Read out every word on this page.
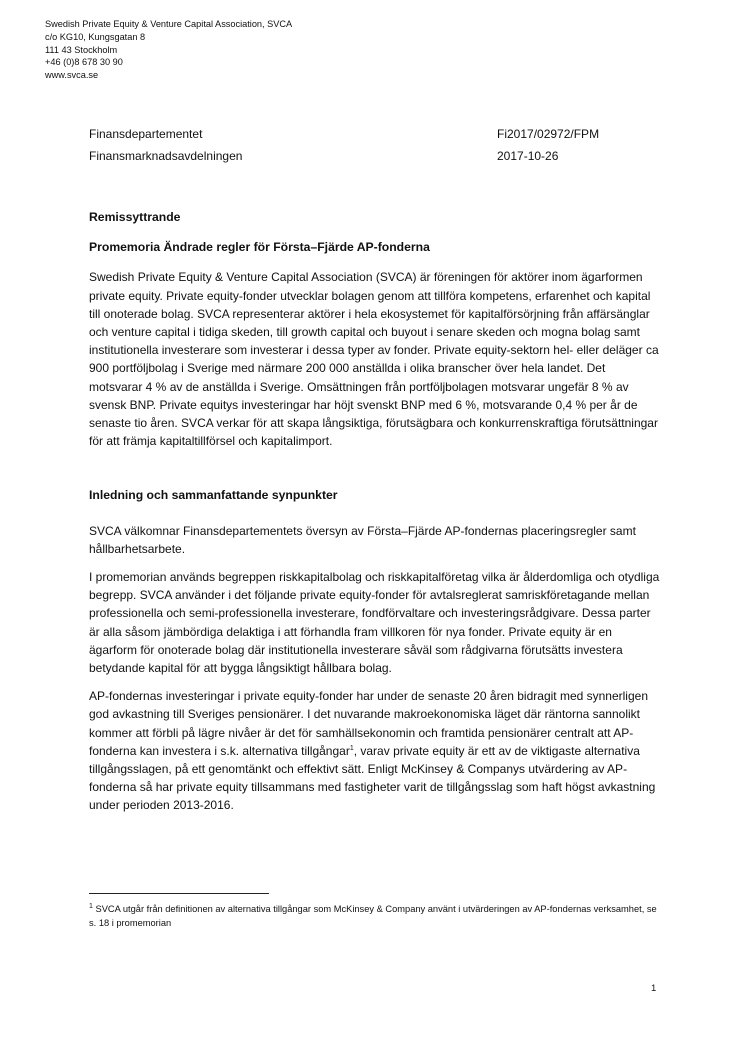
Swedish Private Equity & Venture Capital Association, SVCA
c/o KG10, Kungsgatan 8
111 43 Stockholm
+46 (0)8 678 30 90
www.svca.se
Finansdepartementet
Finansmarknadsavdelningen
Fi2017/02972/FPM
2017-10-26
Remissyttrande
Promemoria Ändrade regler för Första–Fjärde AP-fonderna

Swedish Private Equity & Venture Capital Association (SVCA) är föreningen för aktörer inom ägarformen private equity. Private equity-fonder utvecklar bolagen genom att tillföra kompetens, erfarenhet och kapital till onoterade bolag. SVCA representerar aktörer i hela ekosystemet för kapitalförsörjning från affärsänglar och venture capital i tidiga skeden, till growth capital och buyout i senare skeden och mogna bolag samt institutionella investerare som investerar i dessa typer av fonder. Private equity-sektorn hel- eller deläger ca 900 portföljbolag i Sverige med närmare 200 000 anställda i olika branscher över hela landet. Det motsvarar 4 % av de anställda i Sverige. Omsättningen från portföljbolagen motsvarar ungefär 8 % av svensk BNP. Private equitys investeringar har höjt svenskt BNP med 6 %, motsvarande 0,4 % per år de senaste tio åren. SVCA verkar för att skapa långsiktiga, förutsägbara och konkurrenskraftiga förutsättningar för att främja kapitaltillförsel och kapitalimport.

Inledning och sammanfattande synpunkter

SVCA välkomnar Finansdepartementets översyn av Första–Fjärde AP-fondernas placeringsregler samt hållbarhetsarbete.

I promemorian används begreppen riskkapitalbolag och riskkapitalföretag vilka är ålderdomliga och otydliga begrepp. SVCA använder i det följande private equity-fonder för avtalsreglerat samriskföretagande mellan professionella och semi-professionella investerare, fondförvaltare och investeringsrådgivare. Dessa parter är alla såsom jämbördiga delaktiga i att förhandla fram villkoren för nya fonder. Private equity är en ägarform för onoterade bolag där institutionella investerare såväl som rådgivarna förutsätts investera betydande kapital för att bygga långsiktigt hållbara bolag.

AP-fondernas investeringar i private equity-fonder har under de senaste 20 åren bidragit med synnerligen god avkastning till Sveriges pensionärer. I det nuvarande makroekonomiska läget där räntorna sannolikt kommer att förbli på lägre nivåer är det för samhällsekonomin och framtida pensionärer centralt att AP-fonderna kan investera i s.k. alternativa tillgångar$^1$, varav private equity är ett av de viktigaste alternativa tillgångsslagen, på ett genomtänkt och effektivt sätt. Enligt McKinsey & Companys utvärdering av AP-fonderna så har private equity tillsammans med fastigheter varit de tillgångsslag som haft högst avkastning under perioden 2013-2016.

$^1$ SVCA utgår från definitionen av alternativa tillgångar som McKinsey & Company använt i utvärderingen av AP-fondernas verksamhet, se s. 18 i promemorian
1
